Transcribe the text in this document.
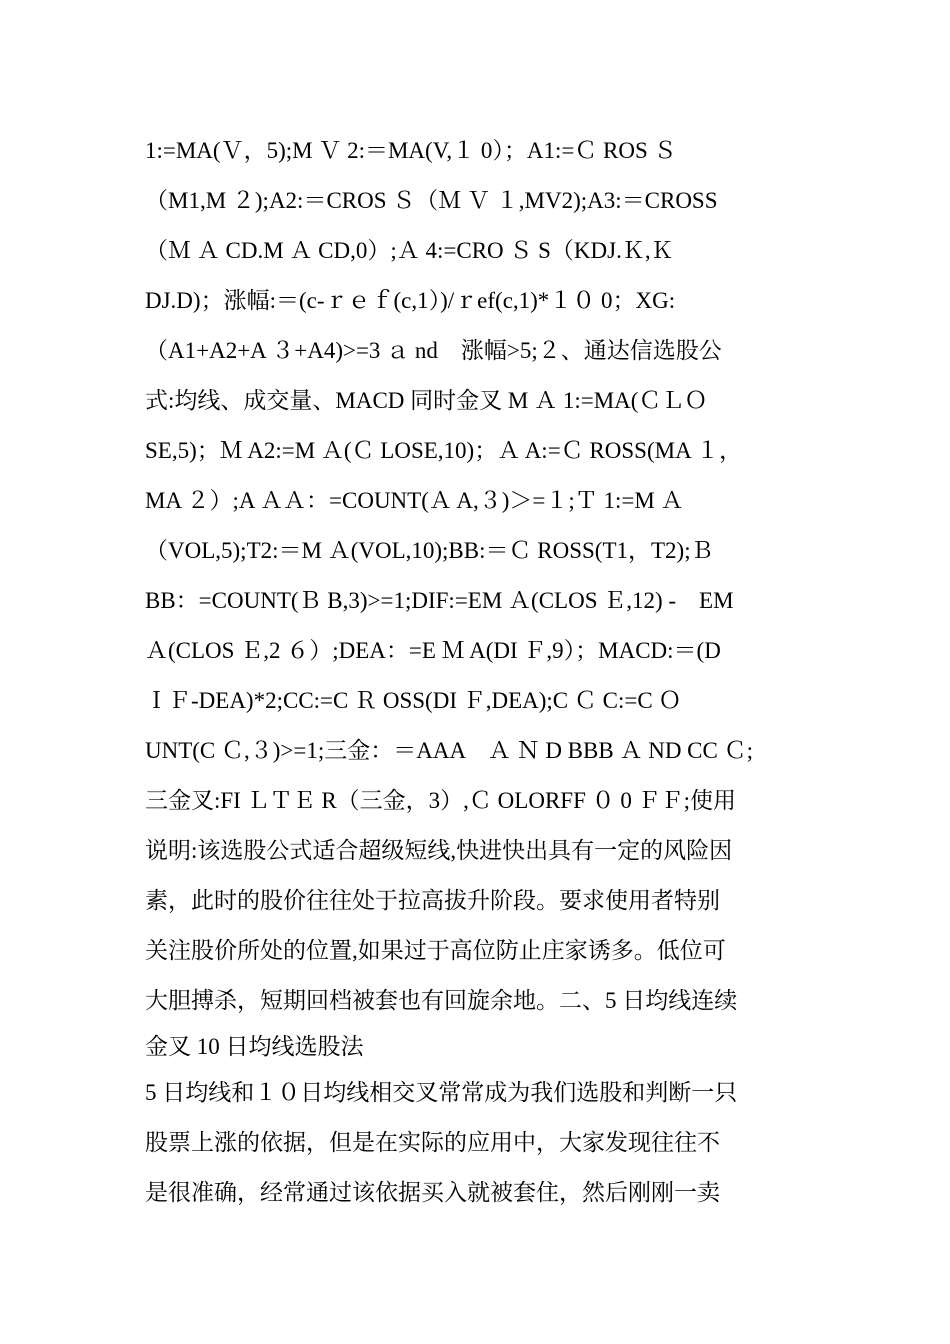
1:=MA(Ｖ，5);M Ｖ 2:＝MA(V,１ 0）；A1:=Ｃ ROS Ｓ
（M1,M ２);A2:＝CROS Ｓ（Ｍ Ｖ １,MV2);A3:＝CROSS
（Ｍ Ａ CD.M Ａ CD,0）;Ａ 4:=CRO Ｓ S（KDJ.Ｋ,Ｋ
DJ.D)；涨幅:＝(c-ｒｅｆ(c,1）)/ｒef(c,1)*１０ 0；XG:
（A1+A2+A ３+A4)>=3 ａ nd　涨幅>5;２、通达信选股公
式:均线、成交量、MACD 同时金叉 M Ａ 1:=MA(ＣＬＯ
SE,5)；Ｍ A2:=M Ａ(Ｃ LOSE,10)；Ａ A:=Ｃ ROSS(MA １，
MA ２）;A ＡＡ：=COUNT(Ａ A,３)＞=１;Ｔ 1:=M Ａ
（VOL,5);T2:＝M Ａ(VOL,10);BB:＝Ｃ ROSS(T1，T2);Ｂ
BB：=COUNT(Ｂ B,3)>=1;DIF:=EM Ａ(CLOS Ｅ,12) -　EM
Ａ(CLOS Ｅ,2 ６）;DEA：=E Ｍ A(DI Ｆ,9）；MACD:＝(D
ＩＦ-DEA)*2;CC:=C Ｒ OSS(DI Ｆ,DEA);C Ｃ C:=C Ｏ
UNT(C Ｃ,３)>=1;三金：＝AAA　Ａ Ｎ D BBB Ａ ND CC Ｃ;
三金叉:FI ＬＴＥ R（三金，3）,Ｃ OLORFF ０ 0 ＦＦ;使用
说明:该选股公式适合超级短线,快进快出具有一定的风险因
素，此时的股价往往处于拉高拔升阶段。要求使用者特别
关注股价所处的位置,如果过于高位防止庄家诱多。低位可
大胆搏杀，短期回档被套也有回旋余地。二、5 日均线连续
金叉 10 日均线选股法
5 日均线和１０日均线相交叉常常成为我们选股和判断一只
股票上涨的依据，但是在实际的应用中，大家发现往往不
是很准确，经常通过该依据买入就被套住，然后刚刚一卖
